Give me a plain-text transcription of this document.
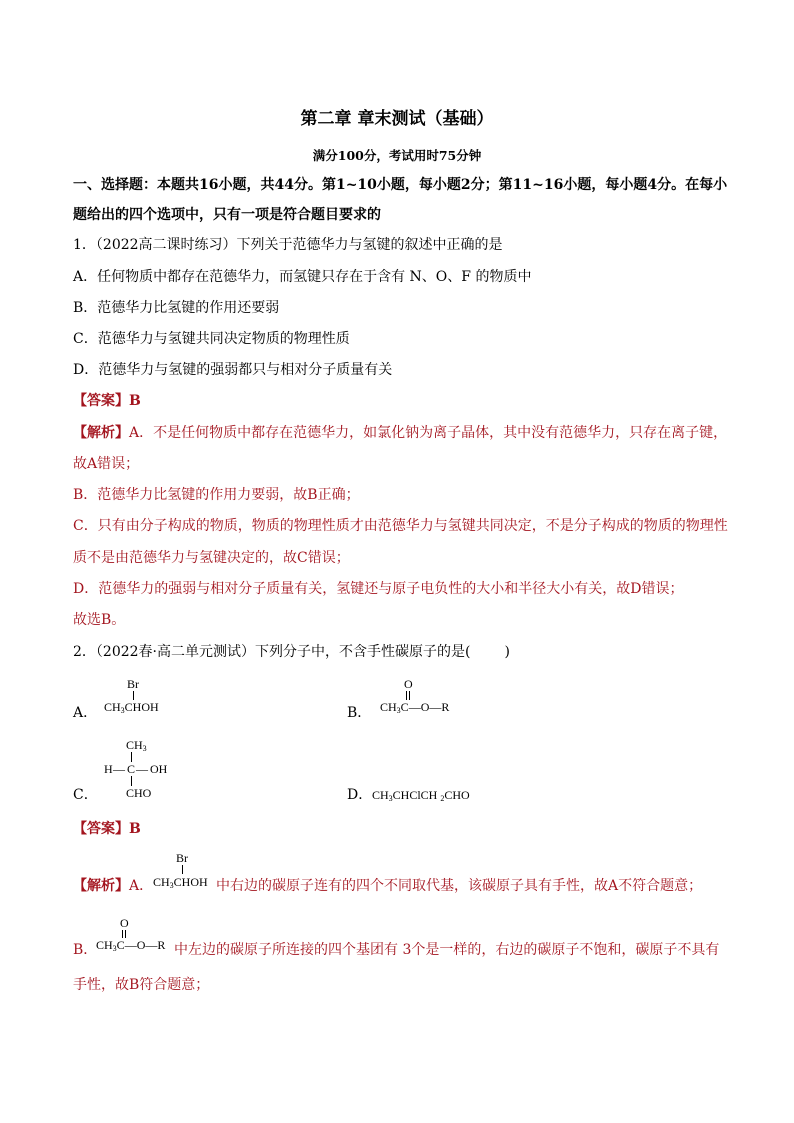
第二章 章末测试（基础）
满分100分，考试用时75分钟
一、选择题：本题共16小题，共44分。第1~10小题，每小题2分；第11~16小题，每小题4分。在每小
题给出的四个选项中，只有一项是符合题目要求的
1．（2022高二课时练习）下列关于范德华力与氢键的叙述中正确的是
A．任何物质中都存在范德华力，而氢键只存在于含有 N、O、F 的物质中
B．范德华力比氢键的作用还要弱
C．范德华力与氢键共同决定物质的物理性质
D．范德华力与氢键的强弱都只与相对分子质量有关
【答案】B
【解析】A．不是任何物质中都存在范德华力，如氯化钠为离子晶体，其中没有范德华力，只存在离子键，
故A错误；
B．范德华力比氢键的作用力要弱，故B正确；
C．只有由分子构成的物质，物质的物理性质才由范德华力与氢键共同决定，不是分子构成的物质的物理性
质不是由范德华力与氢键决定的，故C错误；
D．范德华力的强弱与相对分子质量有关，氢键还与原子电负性的大小和半径大小有关，故D错误；
故选B。
2．（2022春·高二单元测试）下列分子中，不含手性碳原子的是( )
A．
Br
$CH_3CHOH$	B．
O
$CH_3C—O—R$
C．
$CH_3$
H — C — OH
CHO	D． $CH_3CHClCH$ $_2$CHO
【答案】B
【解析】A．
Br
$CH_3CHOH$ 中右边的碳原子连有的四个不同取代基，该碳原子具有手性，故A不符合题意；
B．
O
$CH_3C—O—R$ 中左边的碳原子所连接的四个基团有 3个是一样的，右边的碳原子不饱和，碳原子不具有
手性，故B符合题意；
